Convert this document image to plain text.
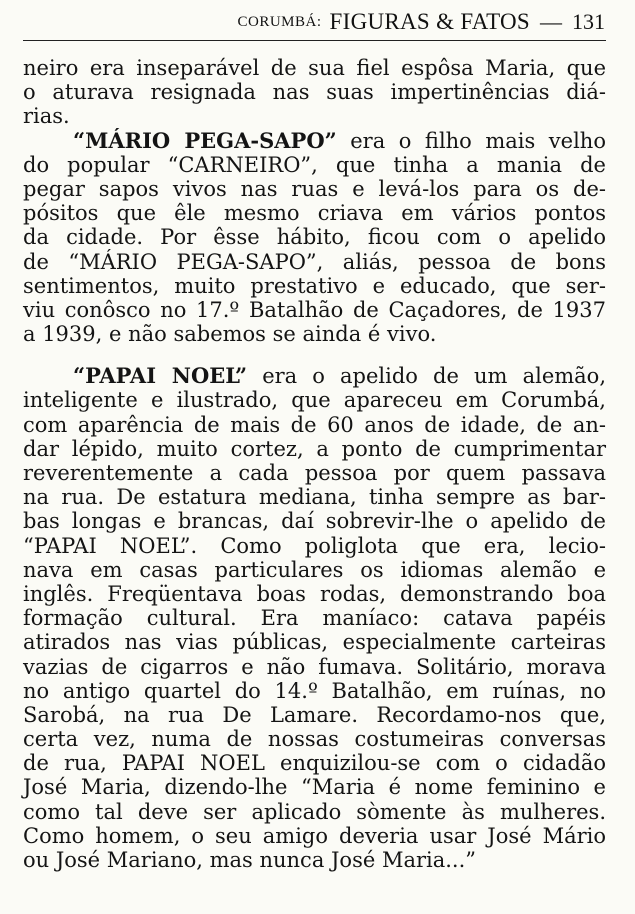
CORUMBÁ: FIGURAS & FATOS — 131
neiro era inseparável de sua fiel espôsa Maria, que
o aturava resignada nas suas impertinências diá-
rias.
“MÁRIO PEGA-SAPO” era o filho mais velho
do popular “CARNEIRO”, que tinha a mania de
pegar sapos vivos nas ruas e levá-los para os de-
pósitos que êle mesmo criava em vários pontos
da cidade. Por êsse hábito, ficou com o apelido
de “MÁRIO PEGA-SAPO”, aliás, pessoa de bons
sentimentos, muito prestativo e educado, que ser-
viu conôsco no 17.º Batalhão de Caçadores, de 1937
a 1939, e não sabemos se ainda é vivo.
“PAPAI NOEL” era o apelido de um alemão,
inteligente e ilustrado, que apareceu em Corumbá,
com aparência de mais de 60 anos de idade, de an-
dar lépido, muito cortez, a ponto de cumprimentar
reverentemente a cada pessoa por quem passava
na rua. De estatura mediana, tinha sempre as bar-
bas longas e brancas, daí sobrevir-lhe o apelido de
“PAPAI NOEL”. Como poliglota que era, leciо-
nava em casas particulares os idiomas alemão e
inglês. Freqüentava boas rodas, demonstrando boa
formação cultural. Era maníaco: catava papéis
atirados nas vias públicas, especialmente carteiras
vazias de cigarros e não fumava. Solitário, morava
no antigo quartel do 14.º Batalhão, em ruínas, no
Sarobá, na rua De Lamare. Recordamo-nos que,
certa vez, numa de nossas costumeiras conversas
de rua, PAPAI NOEL enquizilou-se com o cidadão
José Maria, dizendo-lhe “Maria é nome feminino e
como tal deve ser aplicado sòmente às mulheres.
Como homem, o seu amigo deveria usar José Mário
ou José Mariano, mas nunca José Maria...”
